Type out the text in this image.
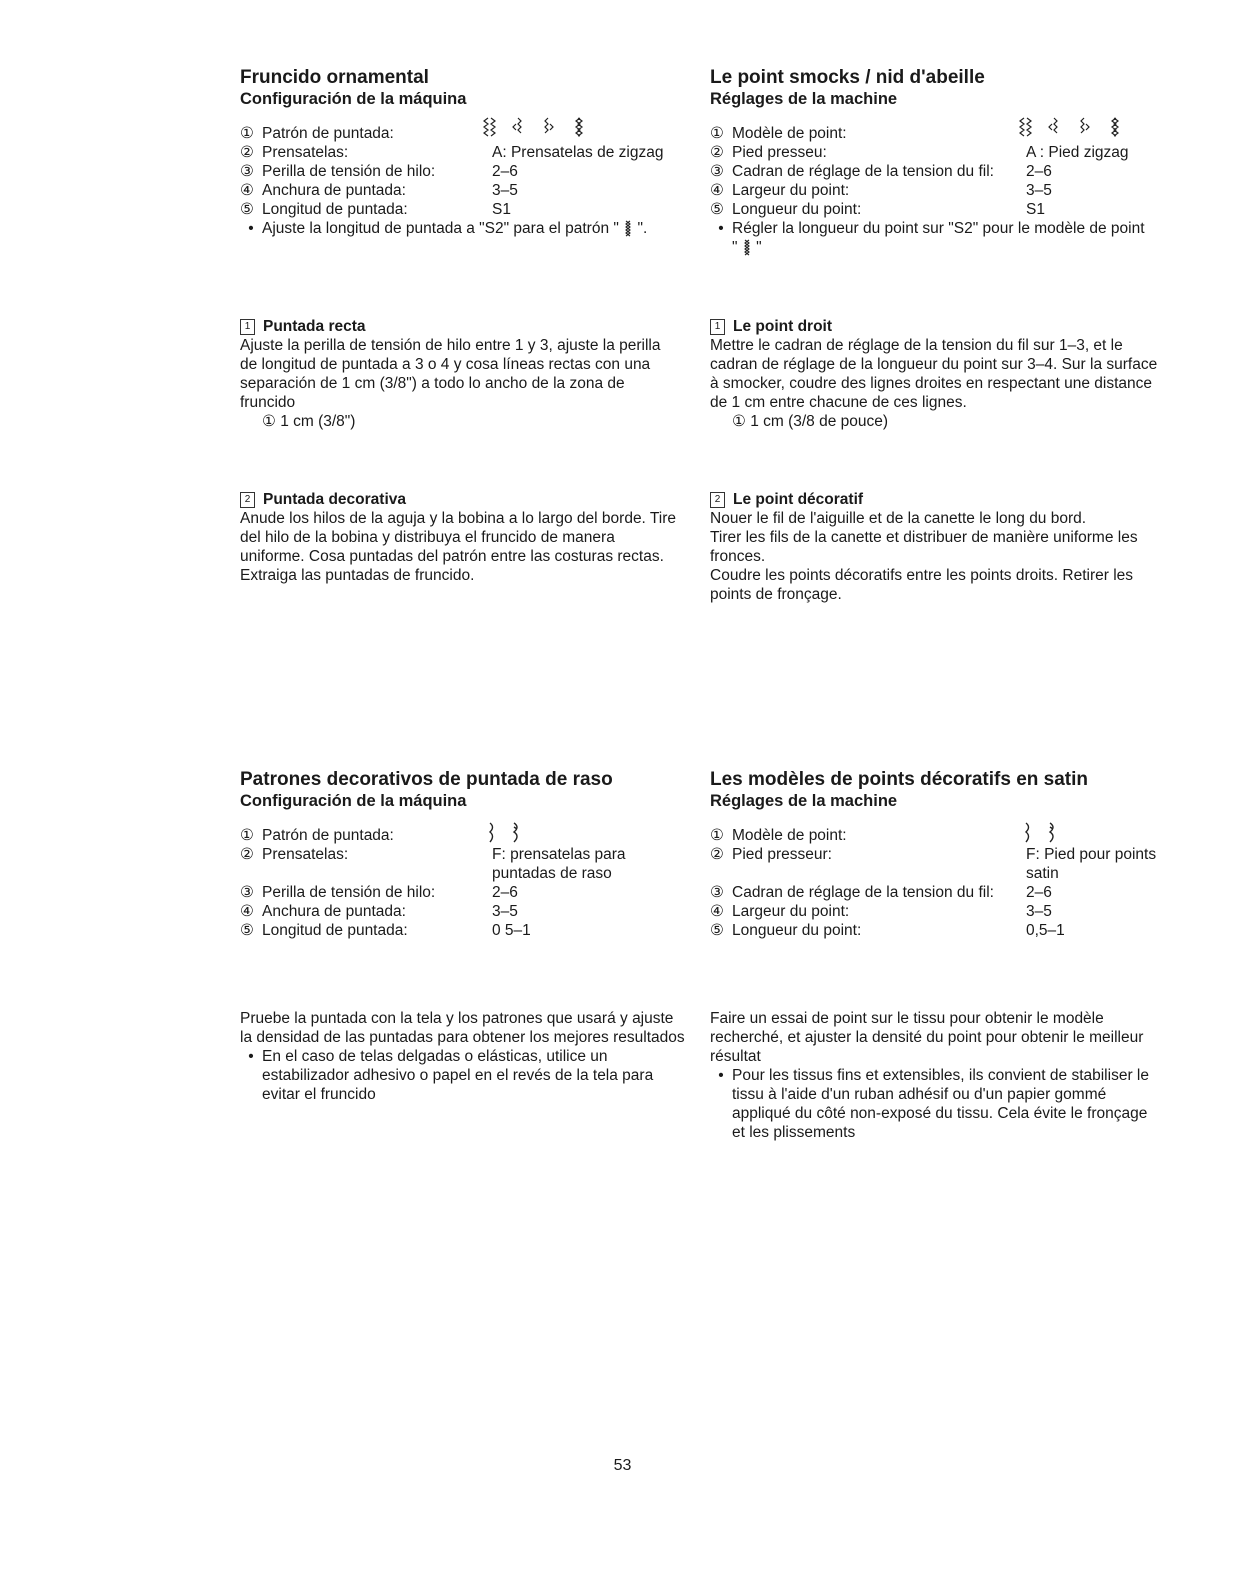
Fruncido ornamental
Configuración de la máquina
① Patrón de puntada:
② Prensatelas:	A: Prensatelas de zigzag
③ Perilla de tensión de hilo:	2–6
④ Anchura de puntada:	3–5
⑤ Longitud de puntada:	S1
• Ajuste la longitud de puntada a "S2" para el patrón "  ".
1 Puntada recta

Ajuste la perilla de tensión de hilo entre 1 y 3, ajuste la perilla de longitud de puntada a 3 o 4 y cosa líneas rectas con una separación de 1 cm (3/8") a todo lo ancho de la zona de fruncido

① 1 cm (3/8")
2 Puntada decorativa

Anude los hilos de la aguja y la bobina a lo largo del borde. Tire del hilo de la bobina y distribuya el fruncido de manera uniforme. Cosa puntadas del patrón entre las costuras rectas. Extraiga las puntadas de fruncido.

Patrones decorativos de puntada de raso
Configuración de la máquina
① Patrón de puntada:
② Prensatelas:	F: prensatelas para
puntadas de raso
③ Perilla de tensión de hilo:	2–6
④ Anchura de puntada:	3–5
⑤ Longitud de puntada:	0 5–1

Pruebe la puntada con la tela y los patrones que usará y ajuste la densidad de las puntadas para obtener los mejores resultados

• En el caso de telas delgadas o elásticas, utilice un estabilizador adhesivo o papel en el revés de la tela para evitar el fruncido
Le point smocks / nid d'abeille
Réglages de la machine
① Modèle de point:
② Pied presseu:	A : Pied zigzag
③ Cadran de réglage de la tension du fil: 2–6
④ Largeur du point:	3–5
⑤ Longueur du point:	S1
• Régler la longueur du point sur "S2" pour le modèle de point
"  "
1 Le point droit

Mettre le cadran de réglage de la tension du fil sur 1–3, et le cadran de réglage de la longueur du point sur 3–4. Sur la surface à smocker, coudre des lignes droites en respectant une distance de 1 cm entre chacune de ces lignes.

① 1 cm (3/8 de pouce)
2 Le point décoratif

Nouer le fil de l'aiguille et de la canette le long du bord.

Tirer les fils de la canette et distribuer de manière uniforme les fronces.

Coudre les points décoratifs entre les points droits. Retirer les points de fronçage.

Les modèles de points décoratifs en satin
Réglages de la machine
① Modèle de point:
② Pied presseur:	F: Pied pour points
satin
③ Cadran de réglage de la tension du fil: 2–6
④ Largeur du point:	3–5
⑤ Longueur du point:	0,5–1

Faire un essai de point sur le tissu pour obtenir le modèle recherché, et ajuster la densité du point pour obtenir le meilleur résultat

• Pour les tissus fins et extensibles, ils convient de stabiliser le tissu à l'aide d'un ruban adhésif ou d'un papier gommé appliqué du côté non-exposé du tissu. Cela évite le fronçage et les plissements
53
